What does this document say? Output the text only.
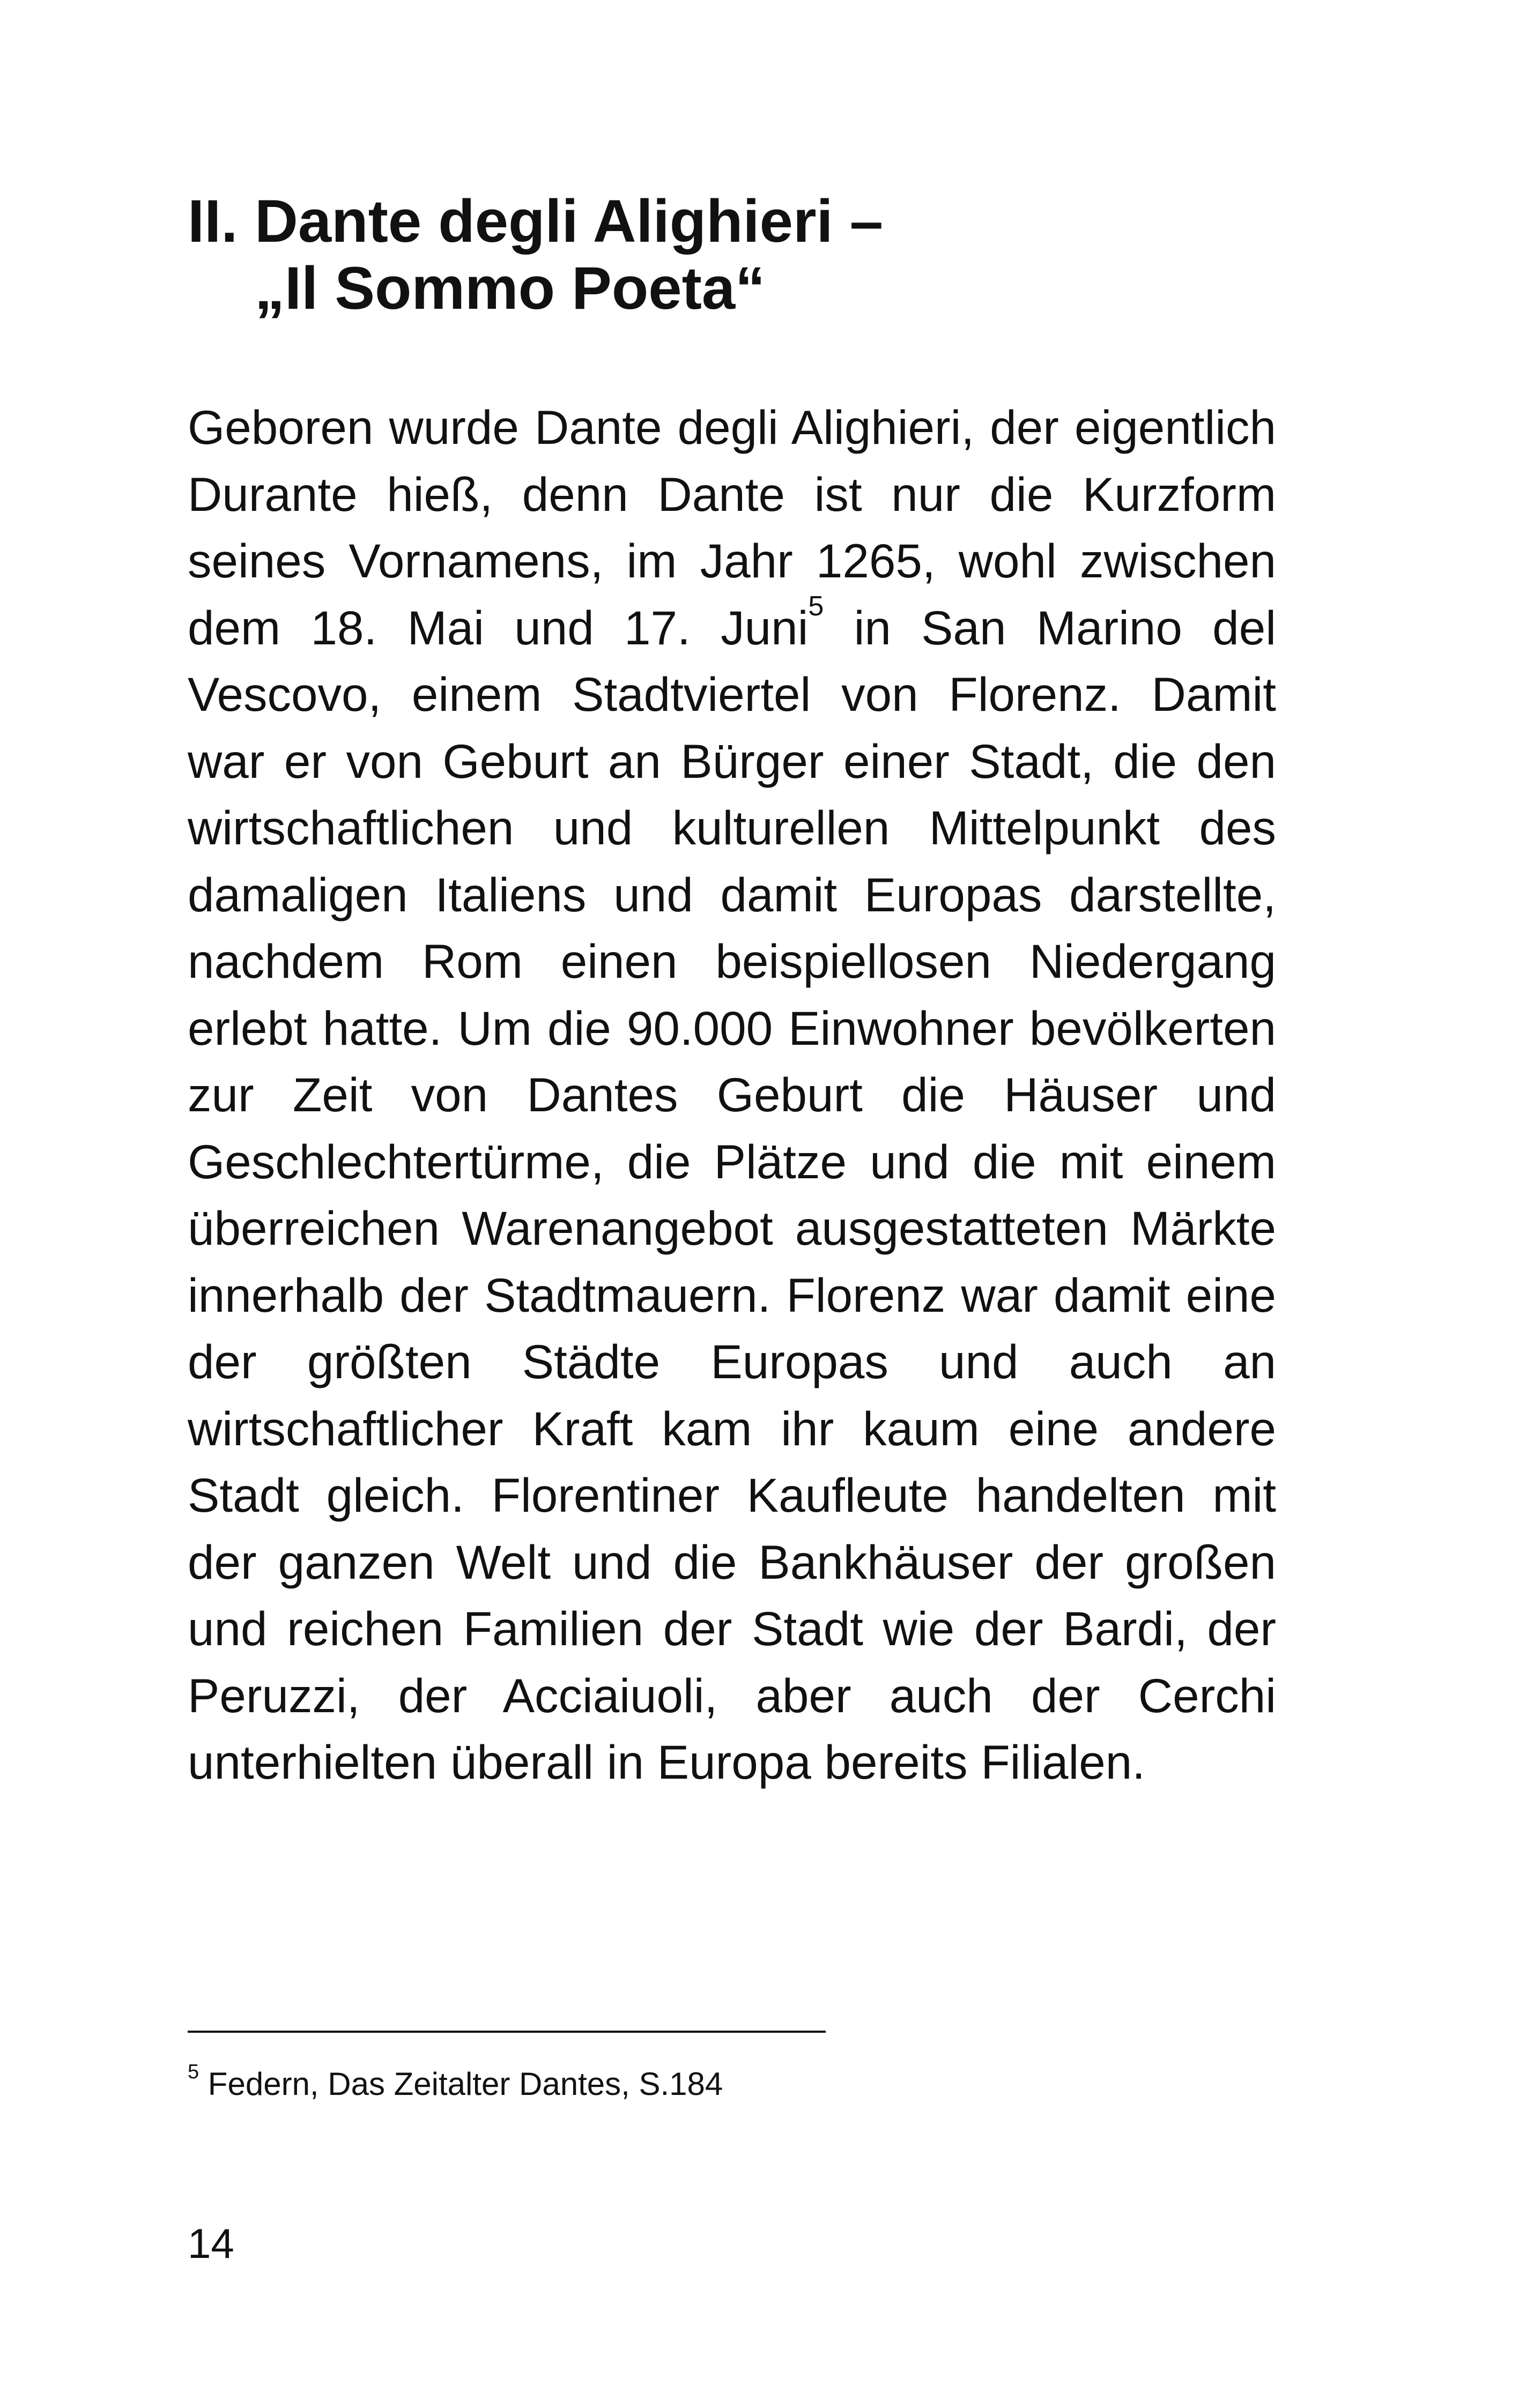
II. Dante degli Alighieri –
„Il Sommo Poeta“

Geboren wurde Dante degli Alighieri, der eigentlich Durante hieß, denn Dante ist nur die Kurzform seines Vornamens, im Jahr 1265, wohl zwischen dem 18. Mai und 17. Juni$^5$ in San Marino del Vescovo, einem Stadtviertel von Florenz. Damit war er von Geburt an Bürger einer Stadt, die den wirtschaftlichen und kulturellen Mittelpunkt des damaligen Italiens und damit Europas darstellte, nachdem Rom einen beispiellosen Niedergang erlebt hatte. Um die 90.000 Einwohner bevölkerten zur Zeit von Dantes Geburt die Häuser und Geschlechtertürme, die Plätze und die mit einem überreichen Warenangebot ausgestatteten Märkte innerhalb der Stadtmauern. Florenz war damit eine der größten Städte Europas und auch an wirtschaftlicher Kraft kam ihr kaum eine andere Stadt gleich. Florentiner Kaufleute handelten mit der ganzen Welt und die Bankhäuser der großen und reichen Familien der Stadt wie der Bardi, der Peruzzi, der Acciaiuoli, aber auch der Cerchi unterhielten überall in Europa bereits Filialen.

$^5$ Federn, Das Zeitalter Dantes, S.184
14
